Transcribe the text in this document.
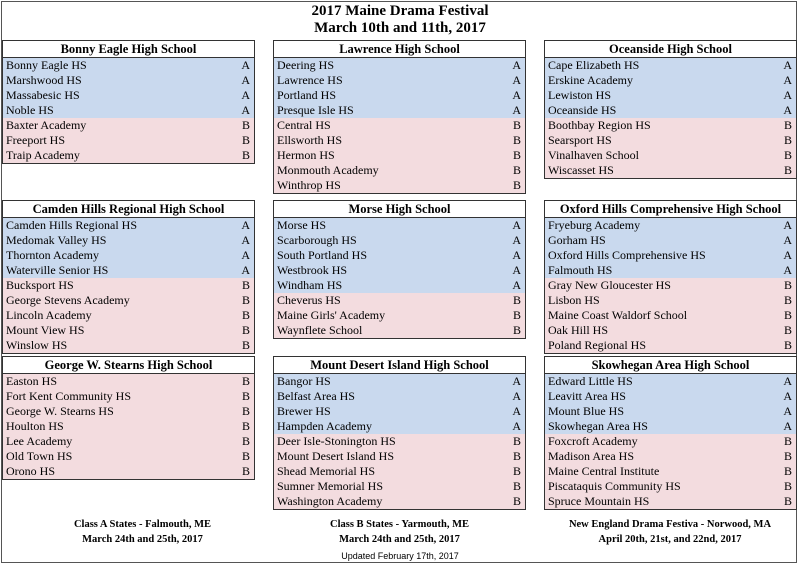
2017 Maine Drama Festival
March 10th and 11th, 2017
Bonny Eagle High School
Bonny Eagle HS	A
Marshwood HS	A
Massabesic HS	A
Noble HS	A
Baxter Academy	B
Freeport HS	B
Traip Academy	B
Lawrence High School
Deering HS	A
Lawrence HS	A
Portland HS	A
Presque Isle HS	A
Central HS	B
Ellsworth HS	B
Hermon HS	B
Monmouth Academy	B
Winthrop HS	B
Oceanside High School
Cape Elizabeth HS	A
Erskine Academy	A
Lewiston HS	A
Oceanside HS	A
Boothbay Region HS	B
Searsport HS	B
Vinalhaven School	B
Wiscasset HS	B
Camden Hills Regional High School
Camden Hills Regional HS	A
Medomak Valley HS	A
Thornton Academy	A
Waterville Senior HS	A
Bucksport HS	B
George Stevens Academy	B
Lincoln Academy	B
Mount View HS	B
Winslow HS	B
Morse High School
Morse HS	A
Scarborough HS	A
South Portland HS	A
Westbrook HS	A
Windham HS	A
Cheverus HS	B
Maine Girls' Academy	B
Waynflete School	B
Oxford Hills Comprehensive High School
Fryeburg Academy	A
Gorham HS	A
Oxford Hills Comprehensive HS	A
Falmouth HS	A
Gray New Gloucester HS	B
Lisbon HS	B
Maine Coast Waldorf School	B
Oak Hill HS	B
Poland Regional HS	B
George W. Stearns High School
Easton HS	B
Fort Kent Community HS	B
George W. Stearns HS	B
Houlton HS	B
Lee Academy	B
Old Town HS	B
Orono HS	B
Mount Desert Island High School
Bangor HS	A
Belfast Area HS	A
Brewer HS	A
Hampden Academy	A
Deer Isle-Stonington HS	B
Mount Desert Island HS	B
Shead Memorial HS	B
Sumner Memorial HS	B
Washington Academy	B
Skowhegan Area High School
Edward Little HS	A
Leavitt Area HS	A
Mount Blue HS	A
Skowhegan Area HS	A
Foxcroft Academy	B
Madison Area HS	B
Maine Central Institute	B
Piscataquis Community HS	B
Spruce Mountain HS	B
Class A States - Falmouth, ME
March 24th and 25th, 2017
Class B States - Yarmouth, ME
March 24th and 25th, 2017
New England Drama Festiva - Norwood, MA
April 20th, 21st, and 22nd, 2017
Updated February 17th, 2017
